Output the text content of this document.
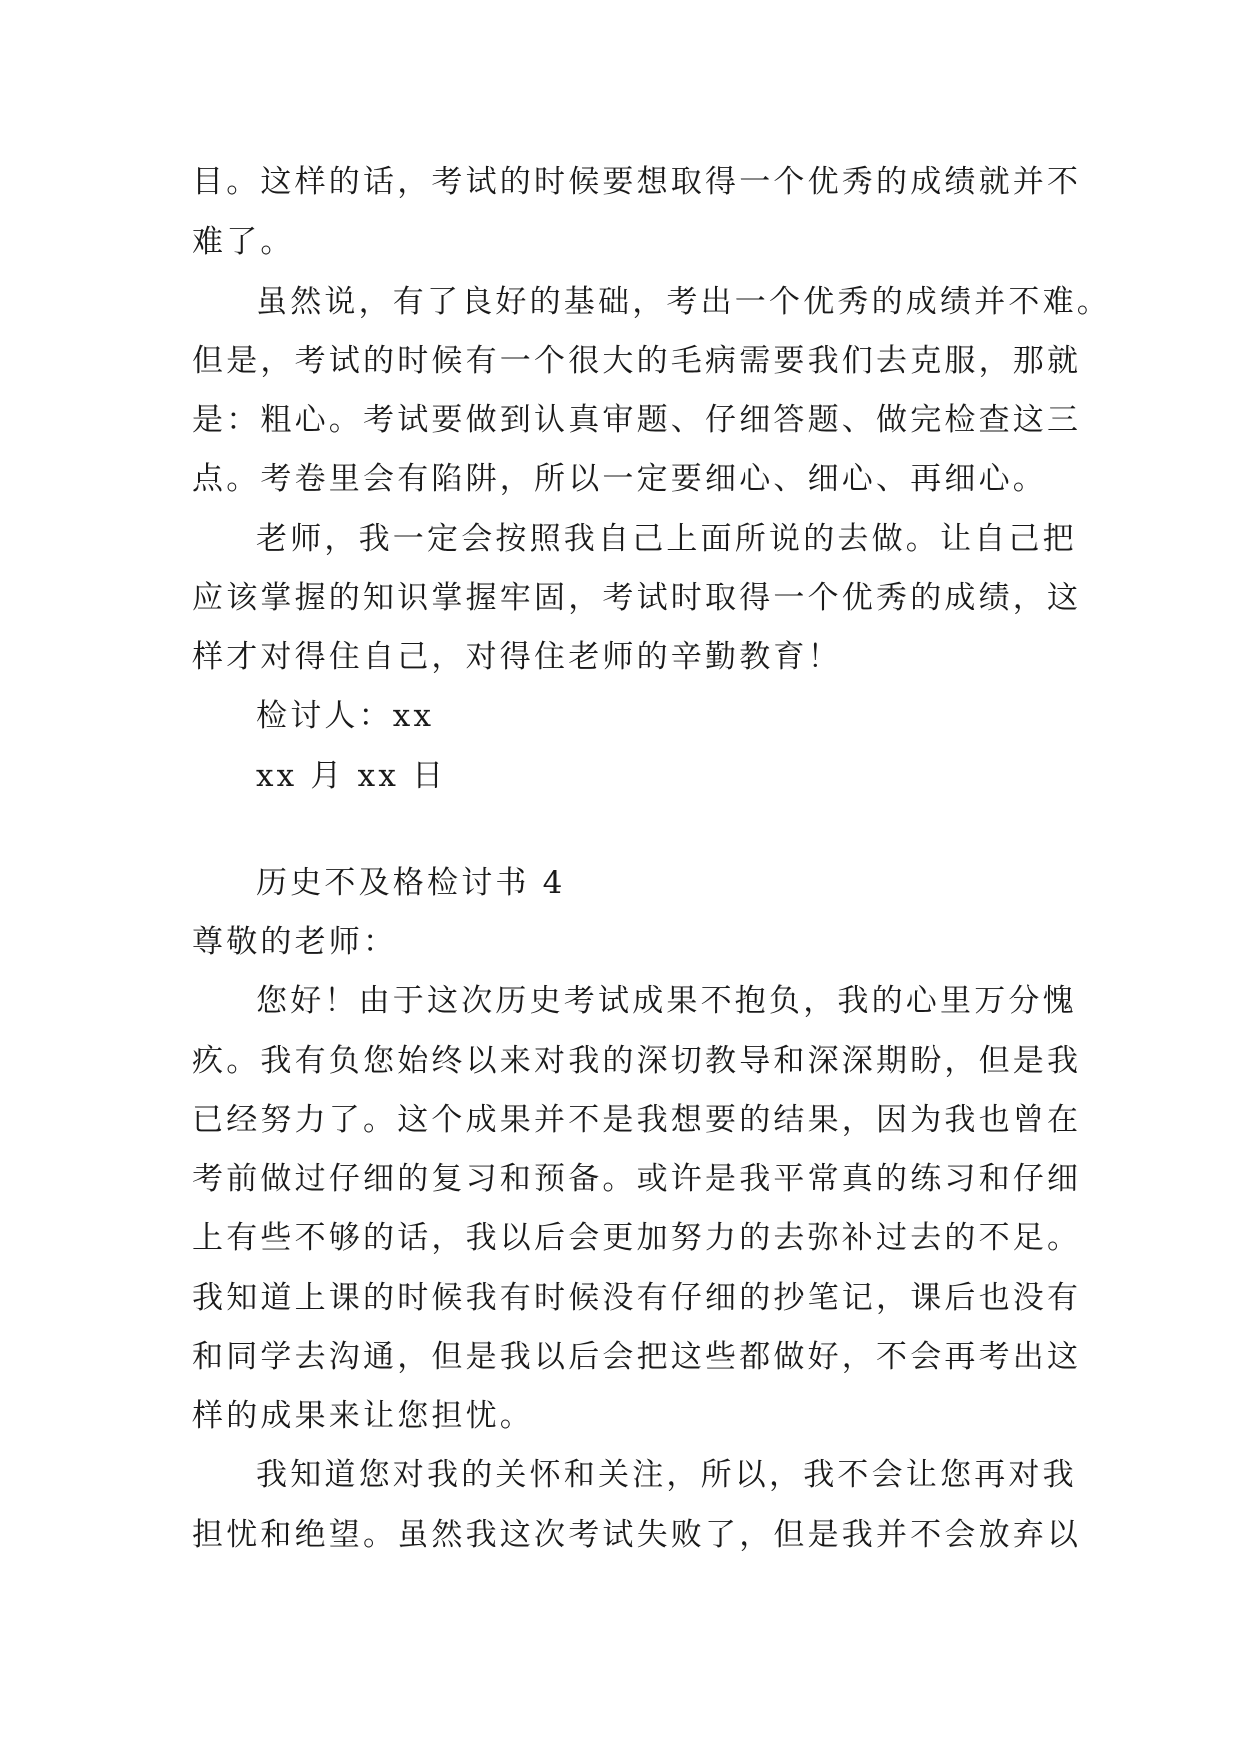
目。这样的话，考试的时候要想取得一个优秀的成绩就并不
难了。
虽然说，有了良好的基础，考出一个优秀的成绩并不难。
但是，考试的时候有一个很大的毛病需要我们去克服，那就
是：粗心。考试要做到认真审题、仔细答题、做完检查这三
点。考卷里会有陷阱，所以一定要细心、细心、再细心。
老师，我一定会按照我自己上面所说的去做。让自己把
应该掌握的知识掌握牢固，考试时取得一个优秀的成绩，这
样才对得住自己，对得住老师的辛勤教育！
检讨人：xx
xx 月 xx 日
历史不及格检讨书 4
尊敬的老师：
您好！由于这次历史考试成果不抱负，我的心里万分愧
疚。我有负您始终以来对我的深切教导和深深期盼，但是我
已经努力了。这个成果并不是我想要的结果，因为我也曾在
考前做过仔细的复习和预备。或许是我平常真的练习和仔细
上有些不够的话，我以后会更加努力的去弥补过去的不足。
我知道上课的时候我有时候没有仔细的抄笔记，课后也没有
和同学去沟通，但是我以后会把这些都做好，不会再考出这
样的成果来让您担忧。
我知道您对我的关怀和关注，所以，我不会让您再对我
担忧和绝望。虽然我这次考试失败了，但是我并不会放弃以
